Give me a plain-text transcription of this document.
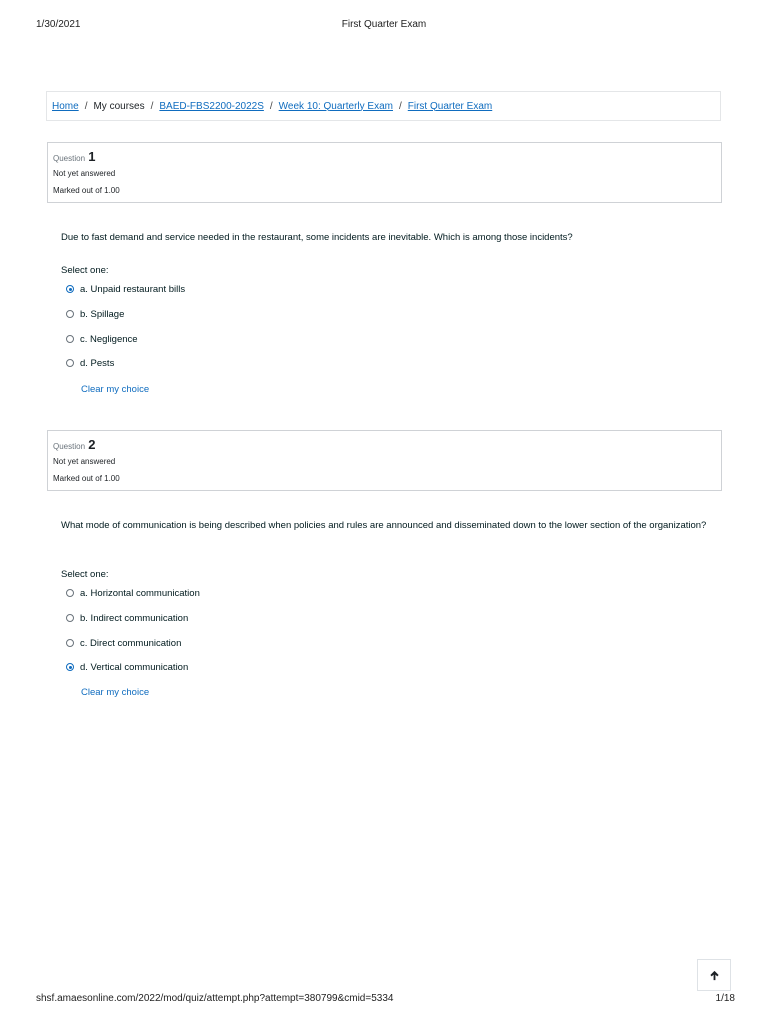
1/30/2021	First Quarter Exam
Home / My courses / BAED-FBS2200-2022S / Week 10: Quarterly Exam / First Quarter Exam
Question 1
Not yet answered
Marked out of 1.00
Due to fast demand and service needed in the restaurant, some incidents are inevitable. Which is among those incidents?
Select one:
a. Unpaid restaurant bills
b. Spillage
c. Negligence
d. Pests
Clear my choice
Question 2
Not yet answered
Marked out of 1.00
What mode of communication is being described when policies and rules are announced and disseminated down to the lower section of the organization?
Select one:
a. Horizontal communication
b. Indirect communication
c. Direct communication
d. Vertical communication
Clear my choice
shsf.amaesonline.com/2022/mod/quiz/attempt.php?attempt=380799&cmid=5334	1/18
